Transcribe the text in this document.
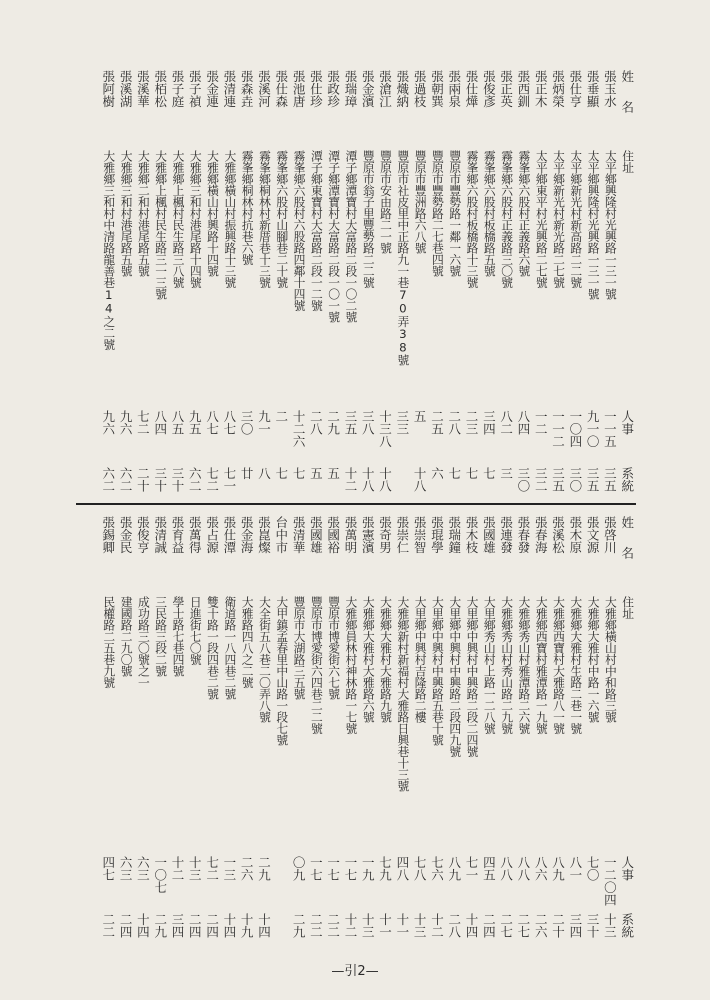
姓名
住址
人事
系統
張玉水
太平鄉興隆村光興路一三一號
一一五
三五
張垂顯
太平鄉興隆村光興路一三一號
九一〇
三五
張仕亨
太平鄉新光村新高路二二號
一〇四
三〇
張炳榮
太平鄉新光村新光路二七號
一一二
三五
張正木
太平鄉東平村光興路二七號
一二
三二
張西釧
霧峯鄉六股村正義路六號
八四
三〇
張正英
霧峯鄉六股村正義路三〇號
八二
三
張俊彥
霧峯鄉六股村板橋路五號
三四
七
張仕燁
霧峯鄉六股村板橋路十三號
二三
七
張兩泉
豐原市豐勢路一鄰一六號
二八
七
張朝巽
豐原市豐勢路二七巷四號
二五
六
張過枝
豐原市豐洲路六八號
五
十八
張熾納
豐原市社皮里中正路九一巷70弄38號
三三
張滄江
豐原市安由路二一號
十三八
十八
張金濱
豐原市翁子里豐勢路二二號
三八
十八
張瑞璋
潭子鄉潭寶村大富路二段一〇二號
三五
十二
張政珍
潭子鄉潭寶村大富路二段一〇一號
二九
五
張仕珍
潭子鄉東寶村大富路二段一二號
二八
五
張池唐
霧峯鄉六股村六股路四鄰十四號
十二六
七
張仕森
霧峯鄉六股村山腳巷二十號
二
七
張溪河
霧峯鄉桐林村新厝巷十三號
九一
八
張森垚
霧峯鄉桐林村抗巷六號
三〇
廿
張清連
大雅鄉橫山村振興路十三號
八七
七一
張金連
大雅鄉橫山村興路十四號
八七
七二
張子禎
大雅鄉三和村港尾路十四號
九五
六二
張子庭
大雅鄉上楓村民生路三八號
八五
三十
張栢松
大雅鄉上楓村民生路三一三號
八四
三十
張溪華
大雅鄉二和村港尾路五號
七二
二十
張溪湖
大雅鄉三和村港尾路五號
九六
六二
張阿樹
大雅鄉三和村中清路龍善巷14之二號
九六
六二
姓名
住址
人事
系統
張啓川
大雅鄉橫山村中和路三號
一二〇四
十三
張文源
大雅鄉大雅村中路一六號
七〇
三十
張木原
大雅鄉大雅村生路二巷一號
八一
三四
張溪松
大雅鄉西寶村大雅路八一號
八九
二十
張春海
大雅鄉西寶村雅潭路一九號
八六
二六
張春發
大雅鄉秀山村雅潭路二六號
八八
二七
張連發
大雅鄉秀山村秀山路二九號
八八
二七
張國雄
大里鄉秀山村上路一二八號
四五
二四
張木枝
大里鄉中興村中興路二段二四號
七一
十四
張瑞鐘
大里鄉中興村中興路二段四九號
八九
二八
張琨學
大里鄉中興村中興路五巷十號
七六
十二
張崇智
大里鄉中興村吉隆路二樓
七八
十三
張崇仁
大雅鄉新村新福村大雅路日興巷十三號
四八
十一
張奇男
大雅鄉大雅村大雅路九號
七九
十一
張憲濱
大雅鄉大雅村大雅路六號
一九
十三
張萬明
大雅鄉員林村神林路一七號
一七
十二
張國裕
豐原市博愛街六七號
一七
二二
張國雄
豐原市博愛街六四巷二二號
一七
二二
張清華
豐原市大湖路三五號
〇九
二九
台中市
大甲鎮孟春里中山路一段七號
張崑燦
大全街五八巷二〇弄八號
二九
十四
張金海
大雅路四八之二號
二六
十九
張仕潭
衛道路一八四巷二號
一三
十四
張占源
雙十路一段四巷二號
七二
二四
張萬得
日進街七〇號
十三
二四
張育益
學士路七巷四號
十二
三四
張清誠
三民路三段二號
一〇七
二九
張俊亨
成功路三〇號之一
六三
十四
張金民
建國路二九〇號
六三
二四
張錫卿
民權路二五巷九號
四七
二二
—引2—
